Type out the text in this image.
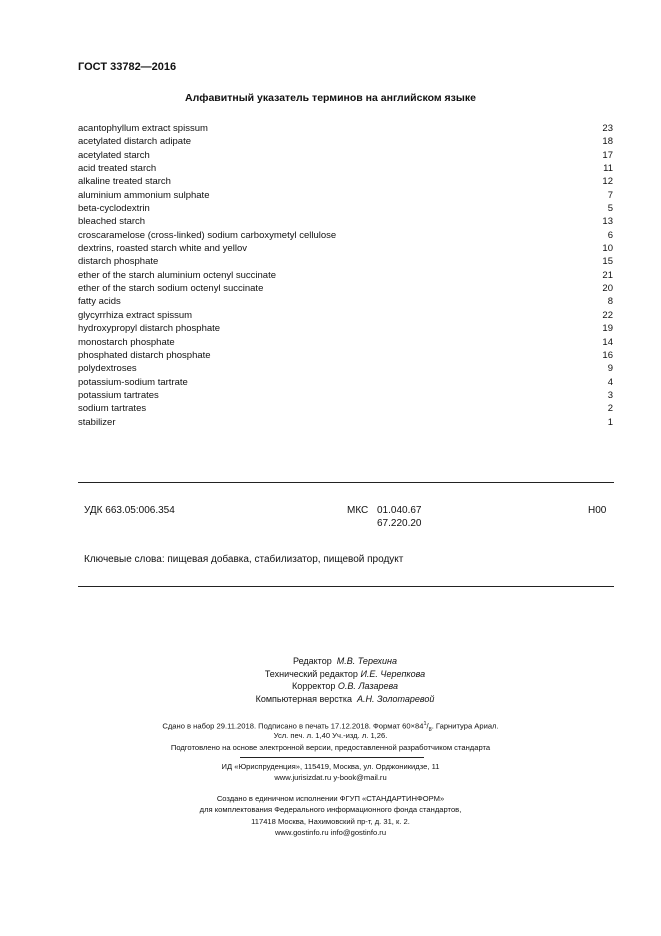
ГОСТ 33782—2016
Алфавитный указатель терминов на английском языке
acantophyllum extract spissum	23
acetylated distarch adipate	18
acetylated starch	17
acid treated starch	11
alkaline treated starch	12
aluminium ammonium sulphate	7
beta-cyclodextrin	5
bleached starch	13
croscaramelose (cross-linked) sodium carboxymetyl cellulose	6
dextrins, roasted starch white and yellov	10
distarch phosphate	15
ether of the starch aluminium octenyl succinate	21
ether of the starch sodium octenyl succinate	20
fatty acids	8
glycyrrhiza extract spissum	22
hydroxypropyl distarch phosphate	19
monostarch phosphate	14
phosphated distarch phosphate	16
polydextroses	9
potassium-sodium tartrate	4
potassium tartrates	3
sodium tartrates	2
stabilizer	1
УДК 663.05:006.354	МКС 01.040.67
67.220.20
Н00
Ключевые слова: пищевая добавка, стабилизатор, пищевой продукт
Редактор М.В. Терехина
Технический редактор И.Е. Черепкова
Корректор О.В. Лазарева
Компьютерная верстка А.Н. Золотаревой
Сдано в набор 29.11.2018. Подписано в печать 17.12.2018. Формат $60\times 84^1/_8$. Гарнитура Ариал.
Усл. печ. л. 1,40 Уч.-изд. л. 1,26.
Подготовлено на основе электронной версии, предоставленной разработчиком стандарта
ИД «Юриспруденция», 115419, Москва, ул. Орджоникидзе, 11
www.jurisizdat.ru y-book@mail.ru
Создано в единичном исполнении ФГУП «СТАНДАРТИНФОРМ»
для комплектования Федерального информационного фонда стандартов,
117418 Москва, Нахимовский пр-т, д. 31, к. 2.
www.gostinfo.ru info@gostinfo.ru
